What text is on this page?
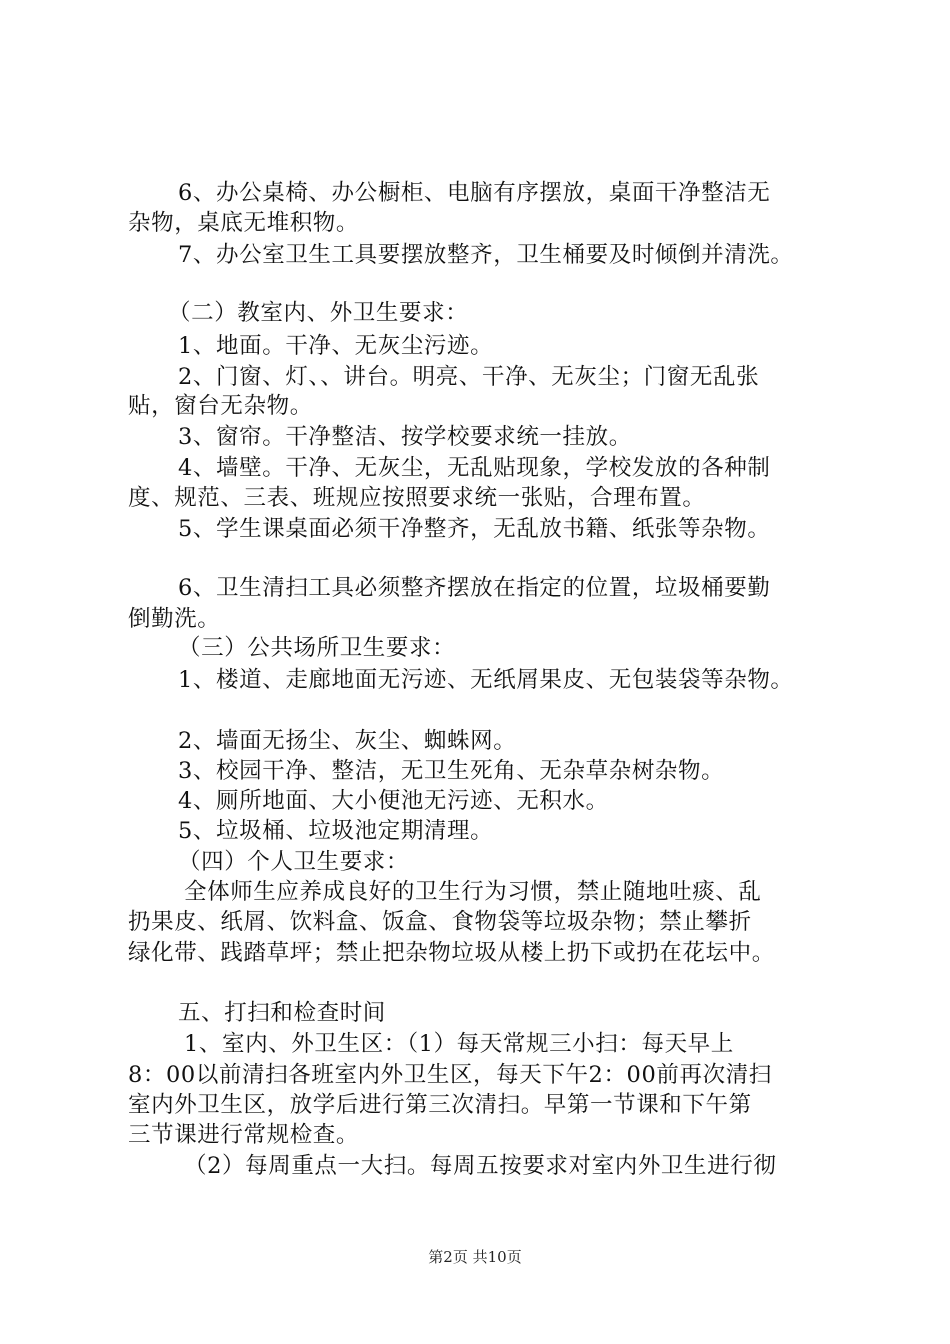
6、办公桌椅、办公橱柜、电脑有序摆放，桌面干净整洁无
杂物，桌底无堆积物。
7、办公室卫生工具要摆放整齐，卫生桶要及时倾倒并清洗。
（二）教室内、外卫生要求：
1、地面。干净、无灰尘污迹。
2、门窗、灯、、讲台。明亮、干净、无灰尘；门窗无乱张
贴，窗台无杂物。
3、窗帘。干净整洁、按学校要求统一挂放。
4、墙壁。干净、无灰尘，无乱贴现象，学校发放的各种制
度、规范、三表、班规应按照要求统一张贴，合理布置。
5、学生课桌面必须干净整齐，无乱放书籍、纸张等杂物。
6、卫生清扫工具必须整齐摆放在指定的位置，垃圾桶要勤
倒勤洗。
（三）公共场所卫生要求：
1、楼道、走廊地面无污迹、无纸屑果皮、无包装袋等杂物。
2、墙面无扬尘、灰尘、蜘蛛网。
3、校园干净、整洁，无卫生死角、无杂草杂树杂物。
4、厕所地面、大小便池无污迹、无积水。
5、垃圾桶、垃圾池定期清理。
（四）个人卫生要求：
全体师生应养成良好的卫生行为习惯，禁止随地吐痰、乱
扔果皮、纸屑、饮料盒、饭盒、食物袋等垃圾杂物；禁止攀折
绿化带、践踏草坪；禁止把杂物垃圾从楼上扔下或扔在花坛中。
五、打扫和检查时间
1、室内、外卫生区：（1）每天常规三小扫：每天早上
8：00以前清扫各班室内外卫生区，每天下午2：00前再次清扫
室内外卫生区，放学后进行第三次清扫。早第一节课和下午第
三节课进行常规检查。
（2）每周重点一大扫。每周五按要求对室内外卫生进行彻
第2页 共10页
